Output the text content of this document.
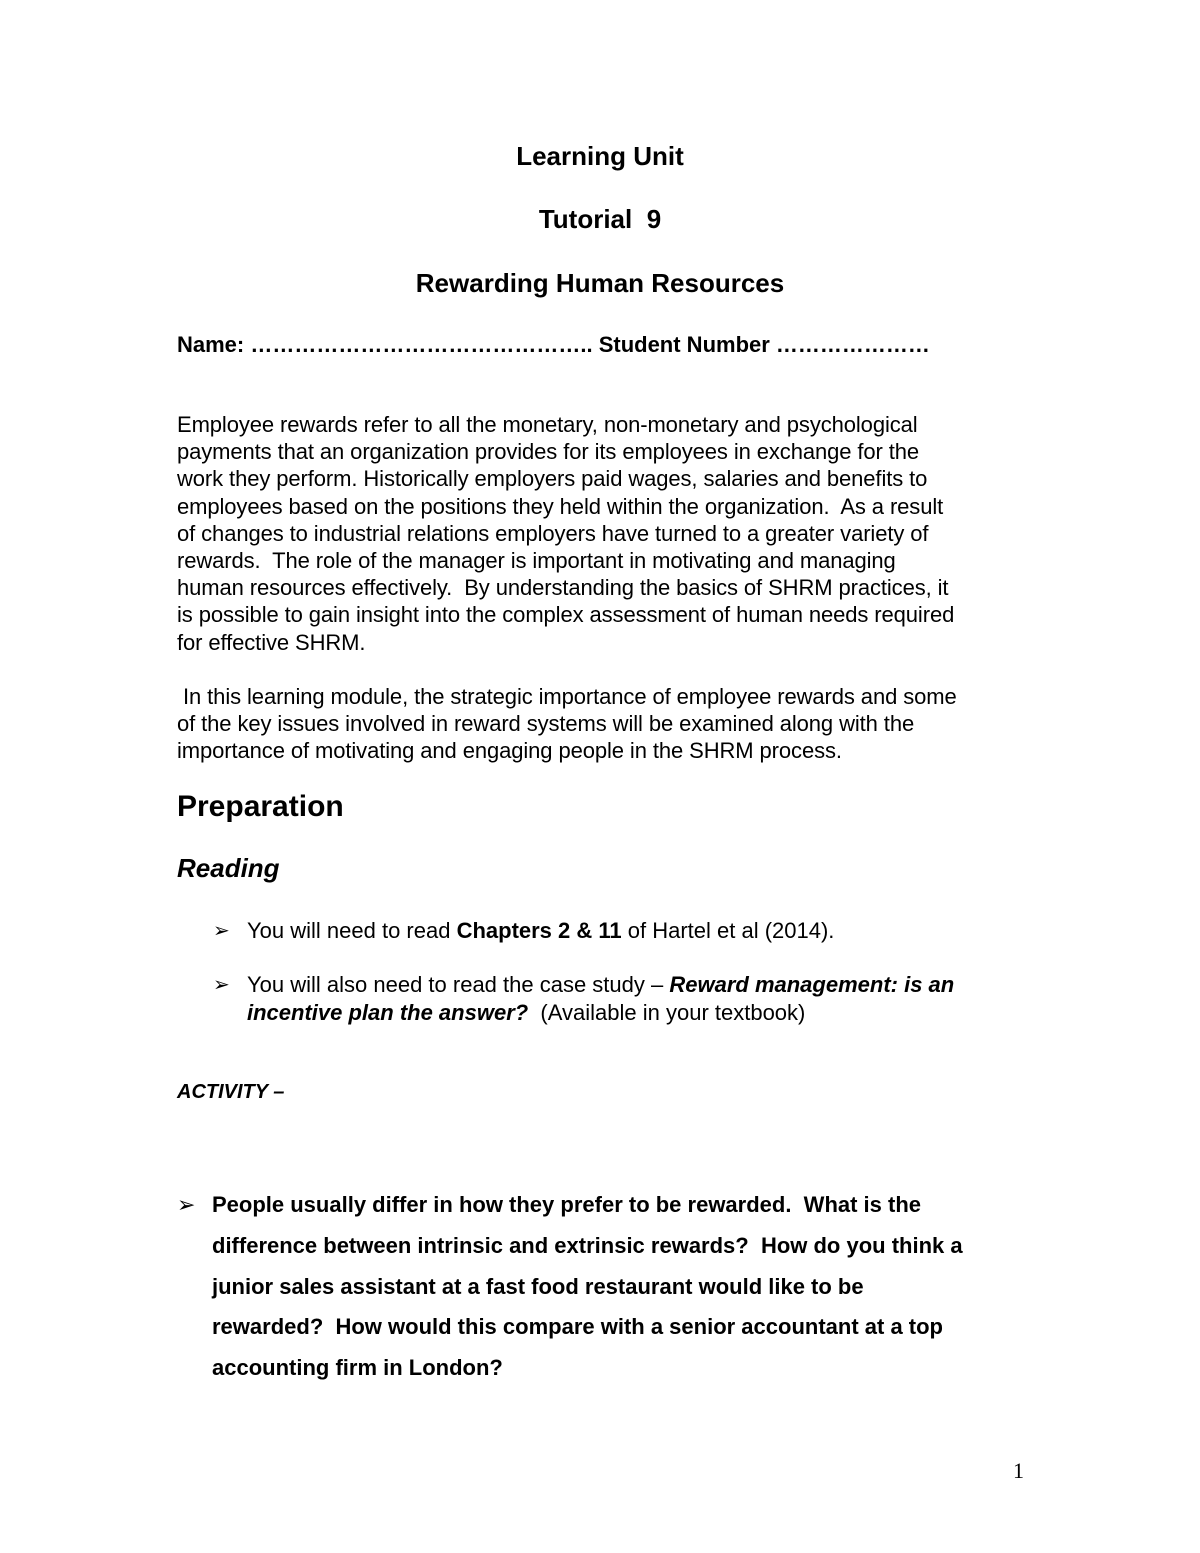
Learning Unit
Tutorial  9
Rewarding Human Resources
Name: ……………………………………….. Student Number …………………
Employee rewards refer to all the monetary, non-monetary and psychological
payments that an organization provides for its employees in exchange for the
work they perform. Historically employers paid wages, salaries and benefits to
employees based on the positions they held within the organization.  As a result
of changes to industrial relations employers have turned to a greater variety of
rewards.  The role of the manager is important in motivating and managing
human resources effectively.  By understanding the basics of SHRM practices, it
is possible to gain insight into the complex assessment of human needs required
for effective SHRM.
In this learning module, the strategic importance of employee rewards and some
of the key issues involved in reward systems will be examined along with the
importance of motivating and engaging people in the SHRM process.
Preparation
Reading
➢ You will need to read Chapters 2 & 11 of Hartel et al (2014).
➢ You will also need to read the case study – Reward management: is an
incentive plan the answer?  (Available in your textbook)
ACTIVITY –
➢ People usually differ in how they prefer to be rewarded.  What is the
difference between intrinsic and extrinsic rewards?  How do you think a
junior sales assistant at a fast food restaurant would like to be
rewarded?  How would this compare with a senior accountant at a top
accounting firm in London?
1
